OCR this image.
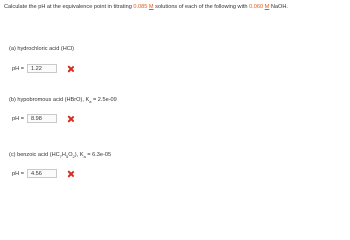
Calculate the pH at the equivalence point in titrating 0.085 M solutions of each of the following with 0.060 M NaOH.
(a) hydrochloric acid (HCl)
pH =	1.22
(b) hypobromous acid (HBrO), $K_a = 2.5e-09$
pH =	8.98
(c) benzoic acid $(HC_7H_5O_2)$, $K_a = 6.3e-05$
pH =	4.56
